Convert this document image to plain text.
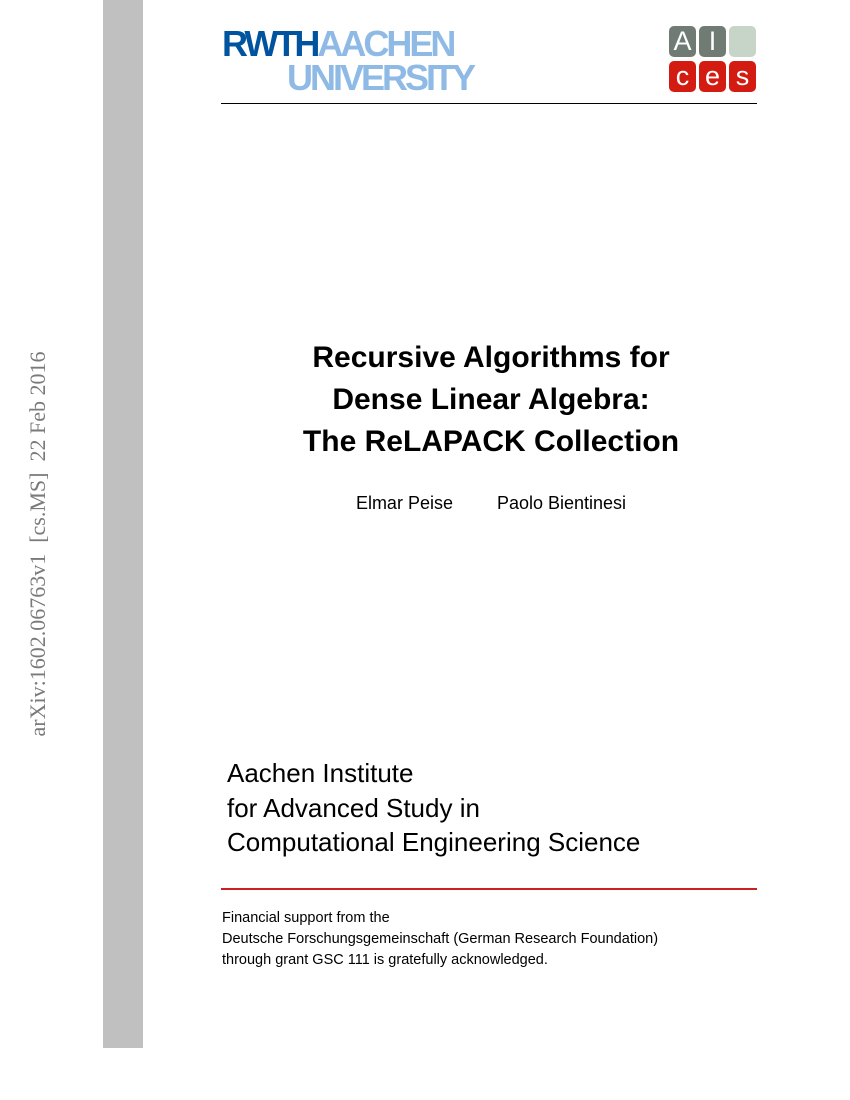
arXiv:1602.06763v1  [cs.MS]  22 Feb 2016
RWTHAACHEN
UNIVERSITY
A I
c e s
Recursive Algorithms for
Dense Linear Algebra:
The ReLAPACK Collection
Elmar Peise Paolo Bientinesi
Aachen Institute
for Advanced Study in
Computational Engineering Science
Financial support from the
Deutsche Forschungsgemeinschaft (German Research Foundation)
through grant GSC 111 is gratefully acknowledged.
